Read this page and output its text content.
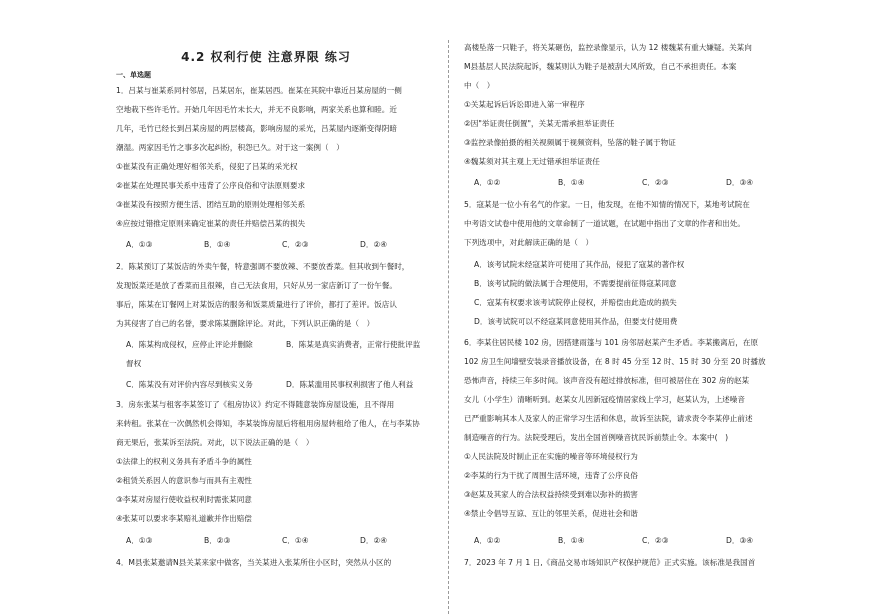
4.2 权利行使 注意界限 练习
一、单选题
1．吕某与崔某系同村邻居，吕某居东，崔某居西。崔某在其院中靠近吕某房屋的一侧
空地栽下些许毛竹。开始几年因毛竹未长大，并无不良影响，两家关系也算和睦。近
几年，毛竹已经长到吕某房屋的两层楼高，影响房屋的采光，吕某屋内逐渐变得阴暗
潮湿。两家因毛竹之事多次起纠纷，积怨已久。对于这一案例（　）
①崔某没有正确处理好相邻关系，侵犯了吕某的采光权
②崔某在处理民事关系中违背了公序良俗和守法原则要求
③崔某没有按照方便生活、团结互助的原则处理相邻关系
④应按过错推定原则来确定崔某的责任并赔偿吕某的损失
A．①③	B．①④	C．②③	D．②④
2．陈某预订了某饭店的外卖午餐，特意强调不要放辣、不要放香菜。但其收到午餐时，
发现饭菜还是放了香菜而且很辣，自己无法食用，只好从另一家店新订了一份午餐。
事后，陈某在订餐网上对某饭店的服务和饭菜质量进行了评价，都打了差评。饭店认
为其侵害了自己的名誉，要求陈某删除评论。对此，下列认识正确的是（　）
A．陈某构成侵权，应停止评论并删除	B．陈某是真实消费者，正常行使批评监
督权
C．陈某没有对评价内容尽到核实义务	D．陈某滥用民事权利损害了他人利益
3．房东张某与租客李某签订了《租房协议》约定不得随意装饰房屋设施，且不得用
来转租。张某在一次偶然机会得知，李某装饰房屋后将租用房屋转租给了他人，在与李某协
商无果后，张某诉至法院。对此，以下说法正确的是（　）
①法律上的权利义务具有矛盾斗争的属性
②租赁关系因人的意识参与而具有主观性
③李某对房屋行使收益权利时需张某同意
④张某可以要求李某赔礼道歉并作出赔偿
A．①③	B．②③	C．①④	D．②④
4．M县张某邀请N县关某来家中做客，当关某进入张某所住小区时，突然从小区的
高楼坠落一只鞋子，将关某砸伤，监控录像显示，认为 12 楼魏某有重大嫌疑。关某向
M县基层人民法院起诉，魏某则认为鞋子是被刮大风所致，自己不承担责任。本案
中（　）
①关某起诉后诉讼即进入第一审程序
②因"举证责任倒置"，关某无需承担举证责任
③监控录像拍摄的相关视频属于视频资料，坠落的鞋子属于物证
④魏某须对其主观上无过错承担举证责任
A．①②	B．①④	C．②③	D．③④
5．寇某是一位小有名气的作家。一日，他发现，在他不知情的情况下，某地考试院在
中考语文试卷中使用他的文章命制了一道试题，在试题中指出了文章的作者和出处。
下列选项中，对此解读正确的是（　）
A．该考试院未经寇某许可使用了其作品，侵犯了寇某的著作权
B．该考试院的做法属于合理使用，不需要提前征得寇某同意
C．寇某有权要求该考试院停止侵权，并赔偿由此造成的损失
D．该考试院可以不经寇某同意使用其作品，但要支付使用费
6．李某住居民楼 102 房，因搭建雨篷与 101 房邻居赵某产生矛盾。李某搬离后，在原
102 房卫生间墙壁安装录音播放设备，在 8 时 45 分至 12 时、15 时 30 分至 20 时播放
恐怖声音，持续三年多时间。该声音没有超过排放标准，但可被居住在 302 房的赵某
女儿（小学生）清晰听到。赵某女儿因新冠疫情居家线上学习，赵某认为，上述噪音
已严重影响其本人及家人的正常学习生活和休息，故诉至法院，请求责令李某停止前述
制造噪音的行为。法院受理后，发出全国首例噪音扰民诉前禁止令。本案中(　)
①人民法院及时制止正在实施的噪音等环境侵权行为
②李某的行为干扰了周围生活环境，违背了公序良俗
③赵某及其家人的合法权益持续受到难以弥补的损害
④禁止令倡导互谅、互让的邻里关系，促进社会和谐
A．①②	B．①④	C．②③	D．③④
7．2023 年 7 月 1 日,《商品交易市场知识产权保护规范》正式实施。该标准是我国首
